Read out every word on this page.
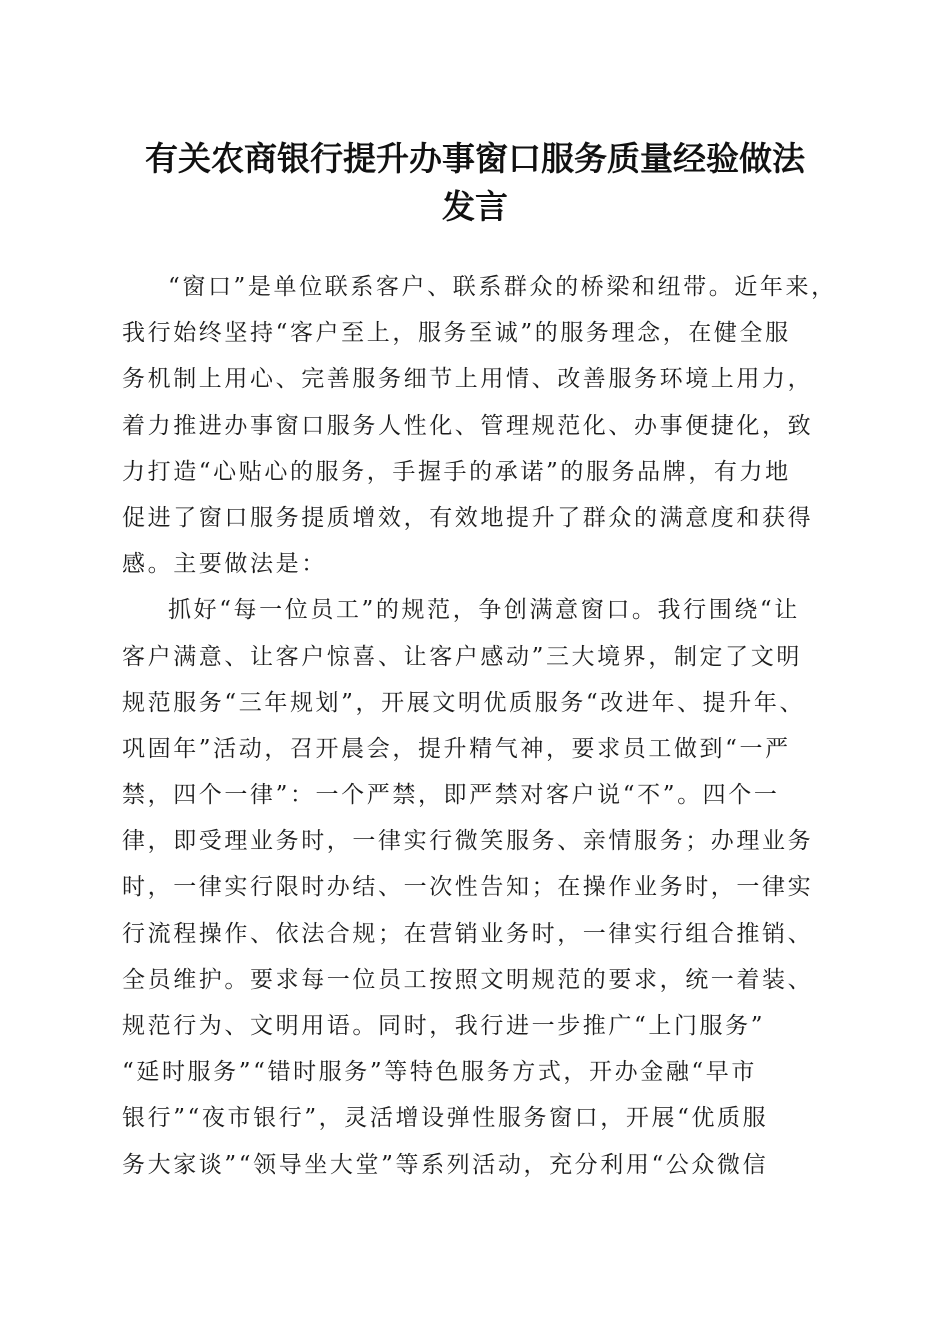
有关农商银行提升办事窗口服务质量经验做法
发言
“窗口”是单位联系客户、联系群众的桥梁和纽带。近年来，
我行始终坚持“客户至上，服务至诚”的服务理念，在健全服
务机制上用心、完善服务细节上用情、改善服务环境上用力，
着力推进办事窗口服务人性化、管理规范化、办事便捷化，致
力打造“心贴心的服务，手握手的承诺”的服务品牌，有力地
促进了窗口服务提质增效，有效地提升了群众的满意度和获得
感。主要做法是：
抓好“每一位员工”的规范，争创满意窗口。我行围绕“让
客户满意、让客户惊喜、让客户感动”三大境界，制定了文明
规范服务“三年规划”，开展文明优质服务“改进年、提升年、
巩固年”活动，召开晨会，提升精气神，要求员工做到“一严
禁，四个一律”：一个严禁，即严禁对客户说“不”。四个一
律，即受理业务时，一律实行微笑服务、亲情服务；办理业务
时，一律实行限时办结、一次性告知；在操作业务时，一律实
行流程操作、依法合规；在营销业务时，一律实行组合推销、
全员维护。要求每一位员工按照文明规范的要求，统一着装、
规范行为、文明用语。同时，我行进一步推广“上门服务”
“延时服务”“错时服务”等特色服务方式，开办金融“早市
银行”“夜市银行”，灵活增设弹性服务窗口，开展“优质服
务大家谈”“领导坐大堂”等系列活动，充分利用“公众微信
